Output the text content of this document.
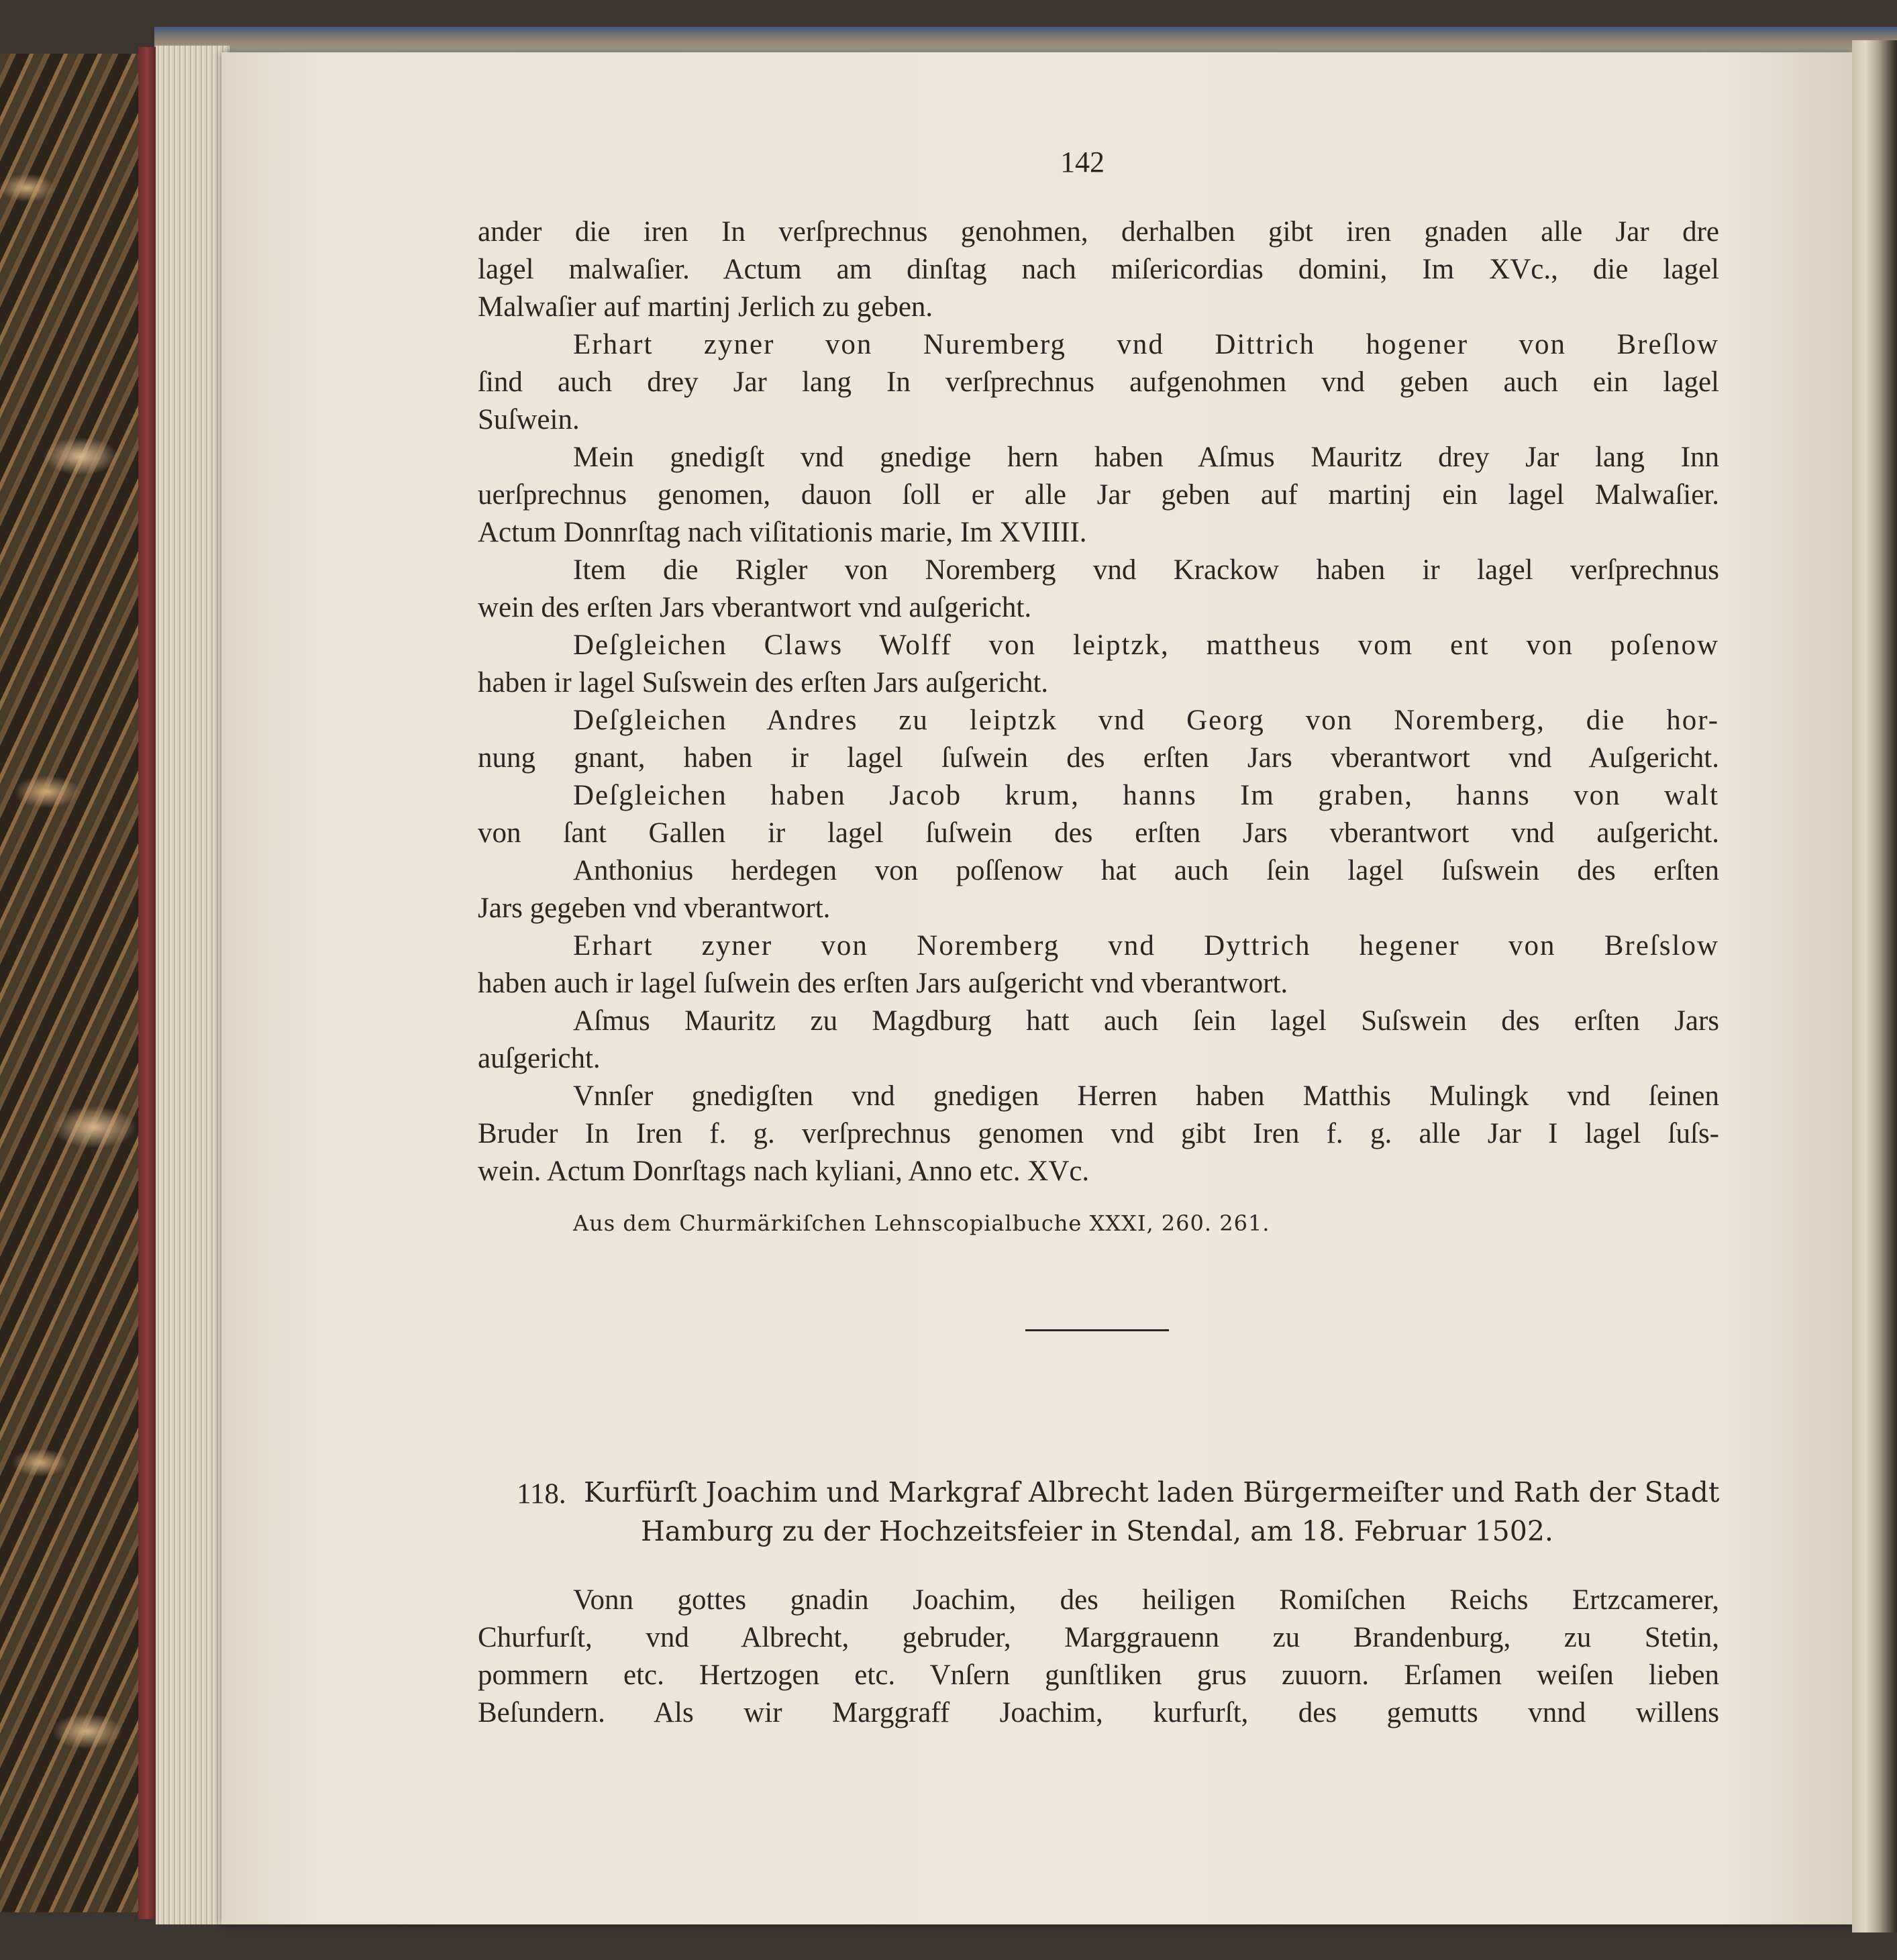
142
ander die iren In verſprechnus genohmen, derhalben gibt iren gnaden alle Jar dre
lagel malwaſier. Actum am dinſtag nach miſericordias domini, Im XVc., die lagel
Malwaſier auf martinj Jerlich zu geben.
Erhart zyner von Nuremberg vnd Dittrich hogener von Breſlow
ſind auch drey Jar lang In verſprechnus aufgenohmen vnd geben auch ein lagel
Suſwein.
Mein gnedigſt vnd gnedige hern haben Aſmus Mauritz drey Jar lang Inn
uerſprechnus genomen, dauon ſoll er alle Jar geben auf martinj ein lagel Malwaſier.
Actum Donnrſtag nach viſitationis marie, Im XVIIII.
Item die Rigler von Noremberg vnd Krackow haben ir lagel verſprechnus
wein des erſten Jars vberantwort vnd auſgericht.
Deſgleichen Claws Wolff von leiptzk, mattheus vom ent von poſenow
haben ir lagel Suſswein des erſten Jars auſgericht.
Deſgleichen Andres zu leiptzk vnd Georg von Noremberg, die hor-
nung gnant, haben ir lagel ſuſwein des erſten Jars vberantwort vnd Auſgericht.
Deſgleichen haben Jacob krum, hanns Im graben, hanns von walt
von ſant Gallen ir lagel ſuſwein des erſten Jars vberantwort vnd auſgericht.
Anthonius herdegen von poſſenow hat auch ſein lagel ſuſswein des erſten
Jars gegeben vnd vberantwort.
Erhart zyner von Noremberg vnd Dyttrich hegener von Breſslow
haben auch ir lagel ſuſwein des erſten Jars auſgericht vnd vberantwort.
Aſmus Mauritz zu Magdburg hatt auch ſein lagel Suſswein des erſten Jars
auſgericht.
Vnnſer gnedigſten vnd gnedigen Herren haben Matthis Mulingk vnd ſeinen
Bruder In Iren f. g. verſprechnus genomen vnd gibt Iren f. g. alle Jar I lagel ſuſs-
wein. Actum Donrſtags nach kyliani, Anno etc. XVc.
Aus dem Churmärkiſchen Lehnscopialbuche XXXI, 260. 261.
118. Kurfürſt Joachim und Markgraf Albrecht laden Bürgermeiſter und Rath der Stadt
Hamburg zu der Hochzeitsfeier in Stendal, am 18. Februar 1502.
Vonn gottes gnadin Joachim, des heiligen Romiſchen Reichs Ertzcamerer,
Churfurſt, vnd Albrecht, gebruder, Marggrauenn zu Brandenburg, zu Stetin,
pommern etc. Hertzogen etc. Vnſern gunſtliken grus zuuorn. Erſamen weiſen lieben
Beſundern. Als wir Marggraff Joachim, kurfurſt, des gemutts vnnd willens
